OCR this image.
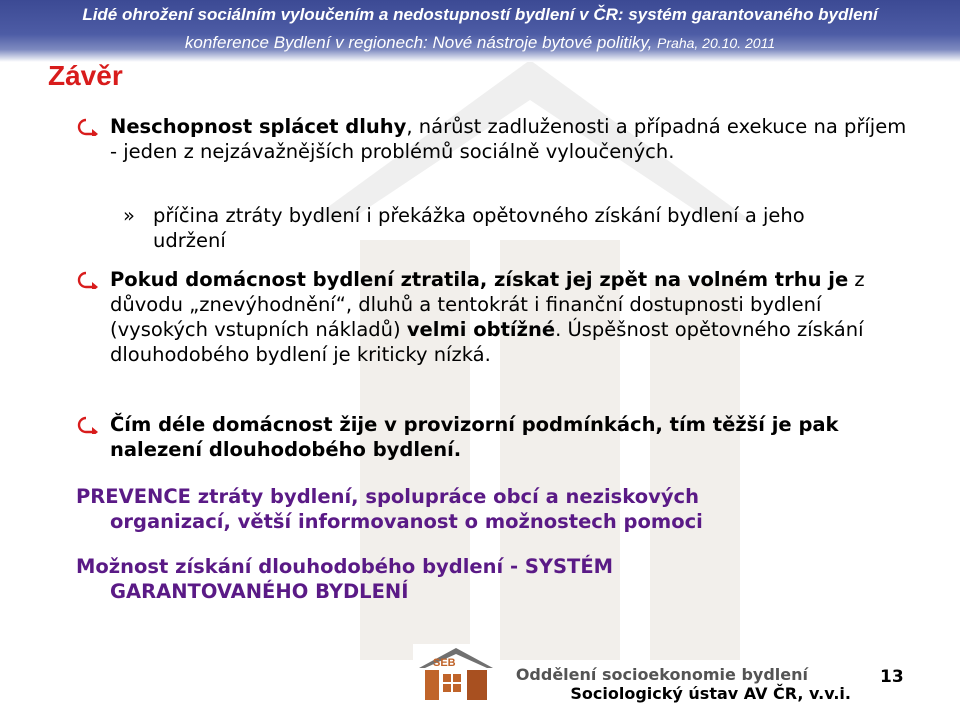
Lidé ohrožení sociálním vyloučením a nedostupností bydlení v ČR: systém garantovaného bydlení
konference Bydlení v regionech: Nové nástroje bytové politiky, Praha, 20.10. 2011
Závěr
Neschopnost splácet dluhy, nárůst zadluženosti a případná exekuce na příjem - jeden z nejzávažnějších problémů sociálně vyloučených.
» příčina ztráty bydlení i překážka opětovného získání bydlení a jeho udržení
Pokud domácnost bydlení ztratila, získat jej zpět na volném trhu je z důvodu „znevýhodnění“, dluhů a tentokrát i finanční dostupnosti bydlení (vysokých vstupních nákladů) velmi obtížné. Úspěšnost opětovného získání dlouhodobého bydlení je kriticky nízká.
Čím déle domácnost žije v provizorní podmínkách, tím těžší je pak nalezení dlouhodobého bydlení.
PREVENCE ztráty bydlení, spolupráce obcí a neziskových
organizací, větší informovanost o možnostech pomoci
Možnost získání dlouhodobého bydlení - SYSTÉM
GARANTOVANÉHO BYDLENÍ
SEB
Oddělení socioekonomie bydlení
Sociologický ústav AV ČR, v.v.i.
13
